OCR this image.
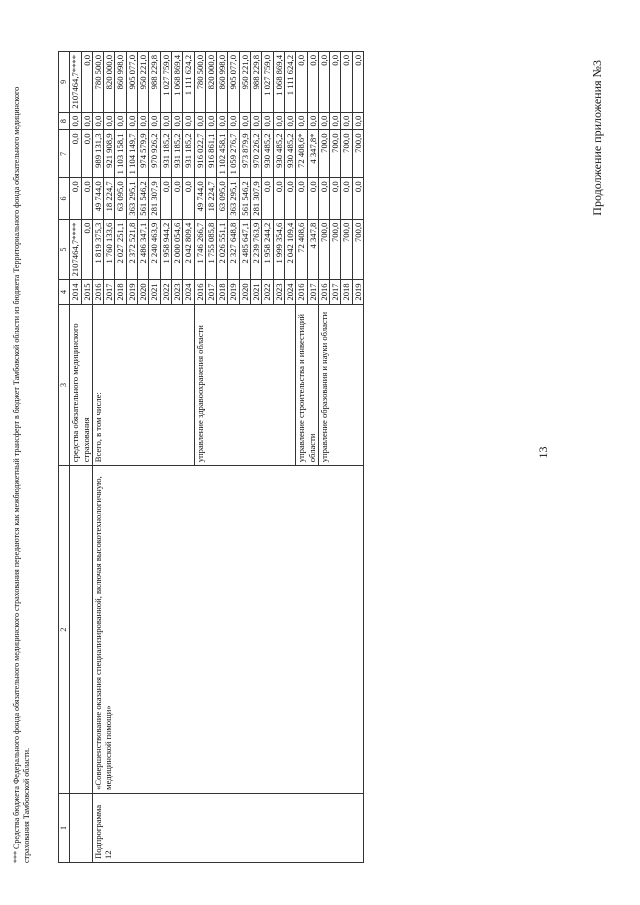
Продолжение приложения №3
13
1	2	3	4	5	6	7	8	9
		средства обязательного медицинского страхования	2014	2107464,7****	0,0	0,0	0,0	2107464,7****
			2015	0,0	0,0	0,0	0,0	0,0
Подпрограмма 12	«Совершенствование оказания специализированной, включая высокотехнологичную, медицинской помощи»	Всего, в том числе:	2016	1 819 375,3	49 744,0	989 131,3	0,0	780 500,0
			2017	1 760 133,6	18 224,7	921 908,9	0,0	820 000,0
			2018	2 027 251,1	63 095,0	1 103 158,1	0,0	860 998,0
			2019	2 372 521,8	363 295,1	1 104 149,7	0,0	905 077,0
			2020	2 486 347,1	561 546,2	974 579,9	0,0	950 221,0
			2021	2 240 463,9	281 307,9	970 926,2	0,0	988 229,8
			2022	1 958 944,2	0,0	931 185,2	0,0	1 027 759,0
			2023	2 000 054,6	0,0	931 185,2	0,0	1 068 869,4
			2024	2 042 809,4	0,0	931 185,2	0,0	1 111 624,2
		управление здравоохранения области	2016	1 746 266,7	49 744,0	916 022,7	0,0	780 500,0
			2017	1 755 085,8	18 224,7	916 861,1	0,0	820 000,0
			2018	2 026 551,1	63 095,0	1 102 458,1	0,0	860 998,0
			2019	2 327 648,8	363 295,1	1 059 276,7	0,0	905 077,0
			2020	2 485 647,1	561 546,2	973 879,9	0,0	950 221,0
			2021	2 239 763,9	281 307,9	970 226,2	0,0	988 229,8
			2022	1 958 244,2	0,0	930 485,2	0,0	1 027 759,0
			2023	1 999 354,6	0,0	930 485,2	0,0	1 068 869,4
			2024	2 042 109,4	0,0	930 485,2	0,0	1 111 624,2
		управление строительства и инвестиций области	2016	72 408,6	0,0	72 408,6*	0,0	0,0
			2017	4 347,8	0,0	4 347,8*	0,0	0,0
		управление образования и науки области	2016	700,0	0,0	700,0	0,0	0,0
			2017	700,0	0,0	700,0	0,0	0,0
			2018	700,0	0,0	700,0	0,0	0,0
			2019	700,0	0,0	700,0	0,0	0,0
*** Средства бюджета Федерального фонда обязательного медицинского страхования передаются как межбюджетный трансферт в бюджет Тамбовской области из бюджета Территориального фонда обязательного медицинского страхования Тамбовской области.
